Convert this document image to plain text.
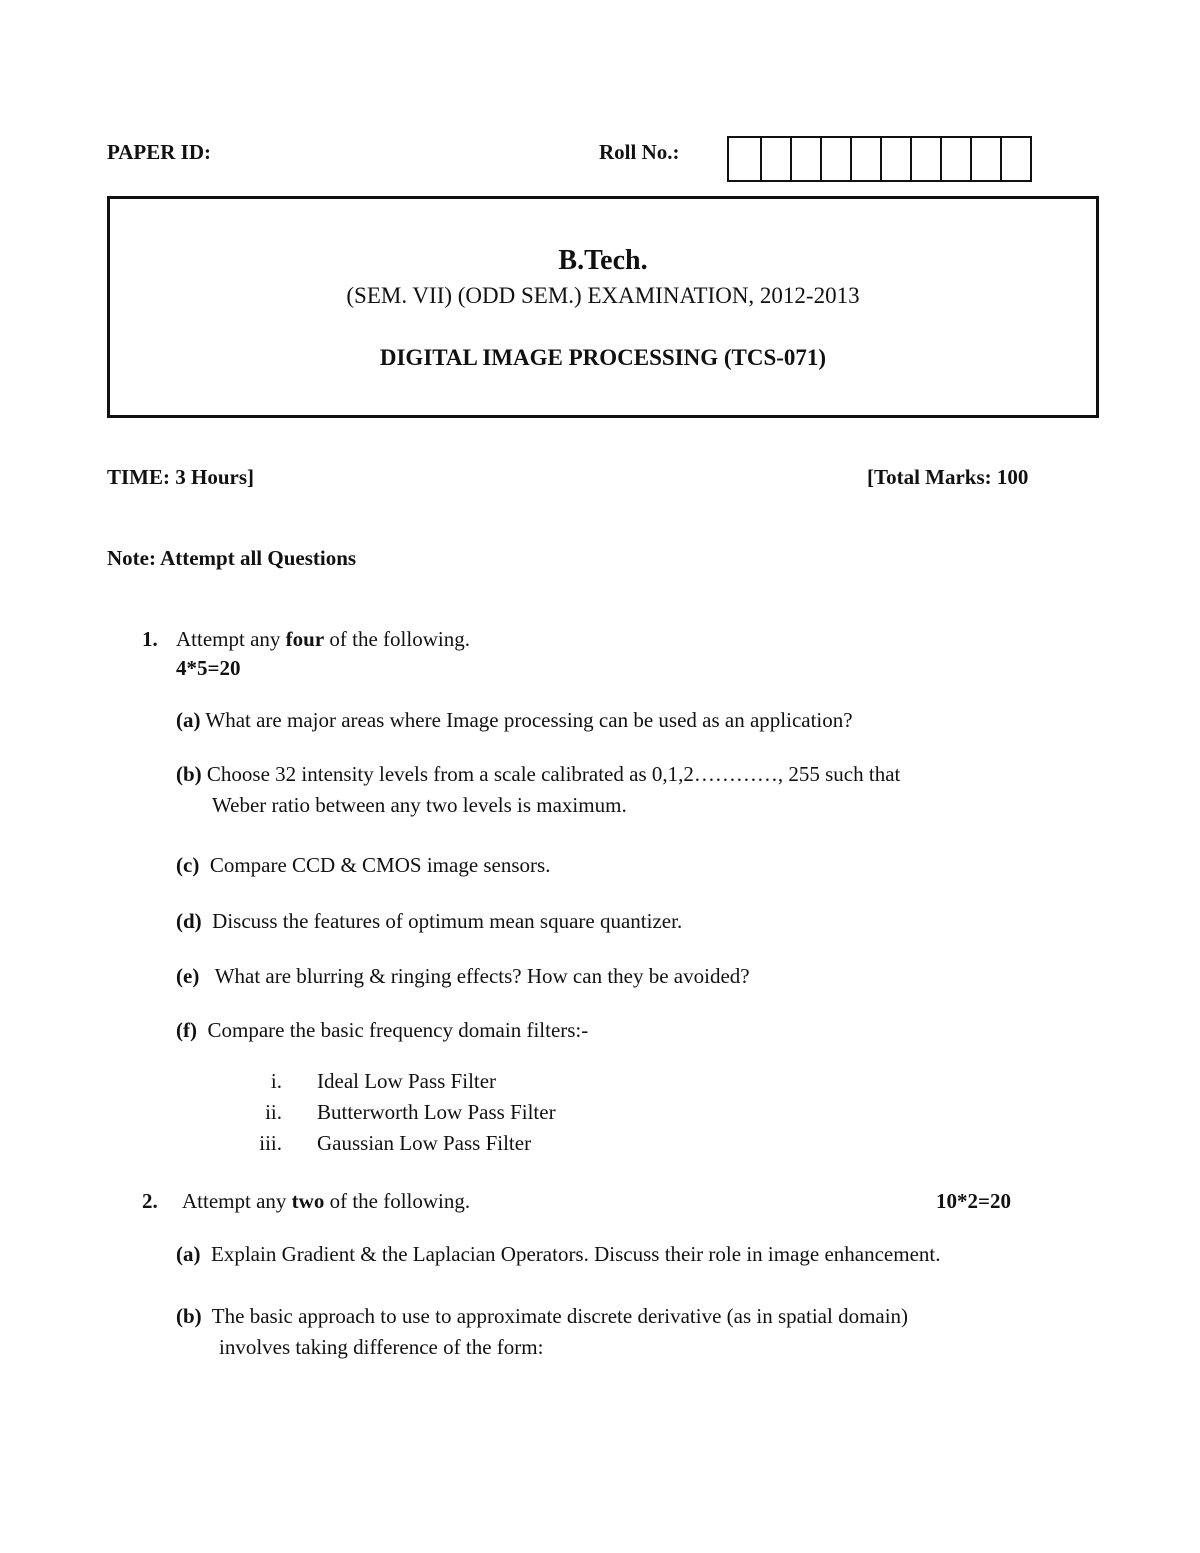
PAPER ID:	Roll No.:
B.Tech.
(SEM. VII) (ODD SEM.) EXAMINATION, 2012-2013
DIGITAL IMAGE PROCESSING (TCS-071)
TIME: 3 Hours]	[Total Marks: 100
Note: Attempt all Questions
1. Attempt any four of the following.
4*5=20
(a) What are major areas where Image processing can be used as an application?
(b) Choose 32 intensity levels from a scale calibrated as 0,1,2…………, 255 such that
Weber ratio between any two levels is maximum.
(c) Compare CCD & CMOS image sensors.
(d) Discuss the features of optimum mean square quantizer.
(e) What are blurring & ringing effects? How can they be avoided?
(f) Compare the basic frequency domain filters:-
i. Ideal Low Pass Filter
ii. Butterworth Low Pass Filter
iii. Gaussian Low Pass Filter
2. Attempt any two of the following.	10*2=20
(a) Explain Gradient & the Laplacian Operators. Discuss their role in image enhancement.
(b) The basic approach to use to approximate discrete derivative (as in spatial domain)
involves taking difference of the form:
